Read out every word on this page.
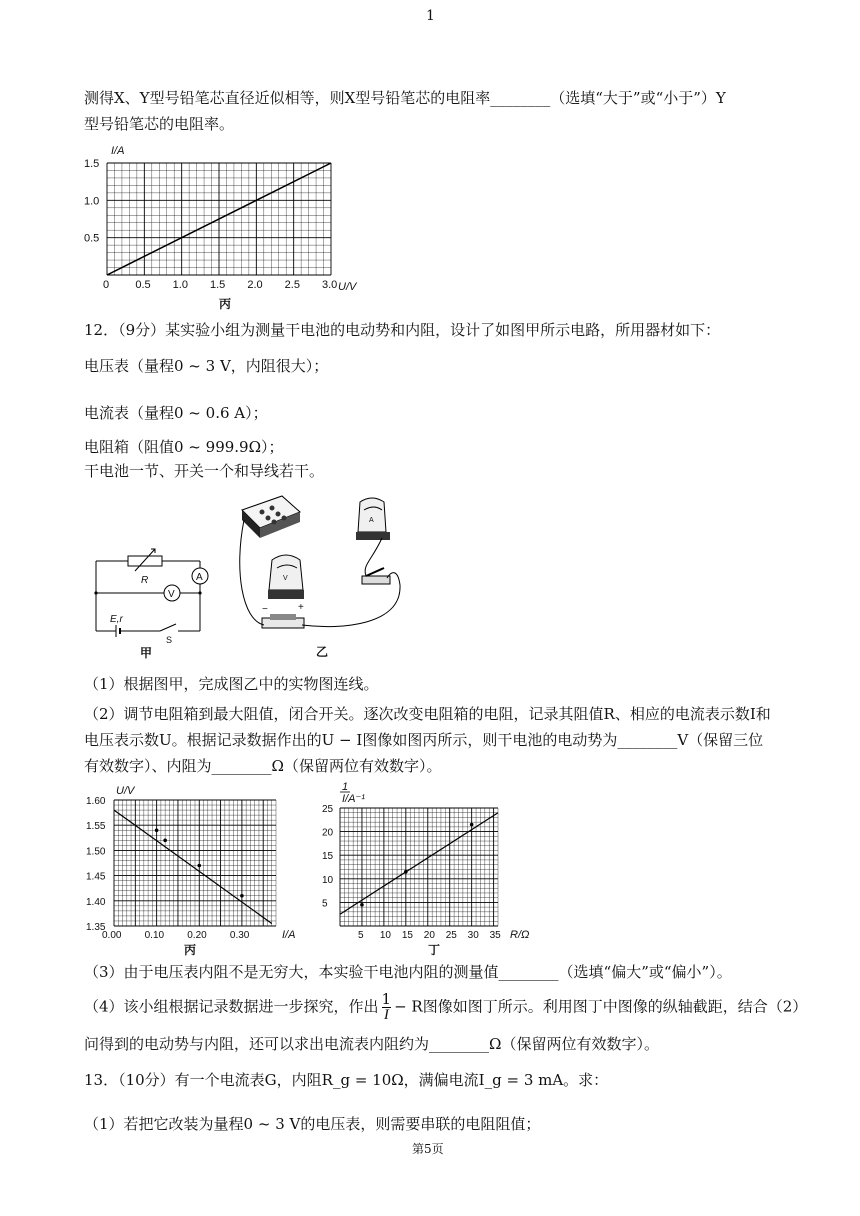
1
测得X、Y型号铅笔芯直径近似相等，则X型号铅笔芯的电阻率________（选填“大于”或“小于”）Y
型号铅笔芯的电阻率。
I/A
U/V
0 0.5 1.0 1.5 2.0 2.5 3.0
0.5
1.0
1.5
丙
12．（9分）某实验小组为测量干电池的电动势和内阻，设计了如图甲所示电路，所用器材如下：
电压表（量程0 ~ 3 V，内阻很大）；
电流表（量程0 ~ 0.6 A）；
电阻箱（阻值0 ~ 999.9Ω）；
干电池一节、开关一个和导线若干。
R	A
V
E,r
S
甲
A
V
−	+
乙
（1）根据图甲，完成图乙中的实物图连线。
（2）调节电阻箱到最大阻值，闭合开关。逐次改变电阻箱的电阻，记录其阻值R、相应的电流表示数I和
电压表示数U。根据记录数据作出的U − I图像如图丙所示，则干电池的电动势为________V（保留三位
有效数字）、内阻为________Ω（保留两位有效数字）。
0.00 0.10 0.20 0.30
1.35
1.40
1.45
1.50
1.55
1.60
U/V
I/A
丙
5 10 15 20 25 30 35
5
10
15
20
25
1
I/A⁻¹
R/Ω
丁
（3）由于电压表内阻不是无穷大，本实验干电池内阻的测量值________（选填“偏大”或“偏小”）。
（4）该小组根据记录数据进一步探究，作出 $\frac{1}{I} - R$图像如图丁所示。利用图丁中图像的纵轴截距，结合（2）
问得到的电动势与内阻，还可以求出电流表内阻约为________Ω（保留两位有效数字）。
13．（10分）有一个电流表G，内阻R_g = 10Ω，满偏电流I_g = 3 mA。求：
（1）若把它改装为量程0 ~ 3 V的电压表，则需要串联的电阻阻值；
第5页
